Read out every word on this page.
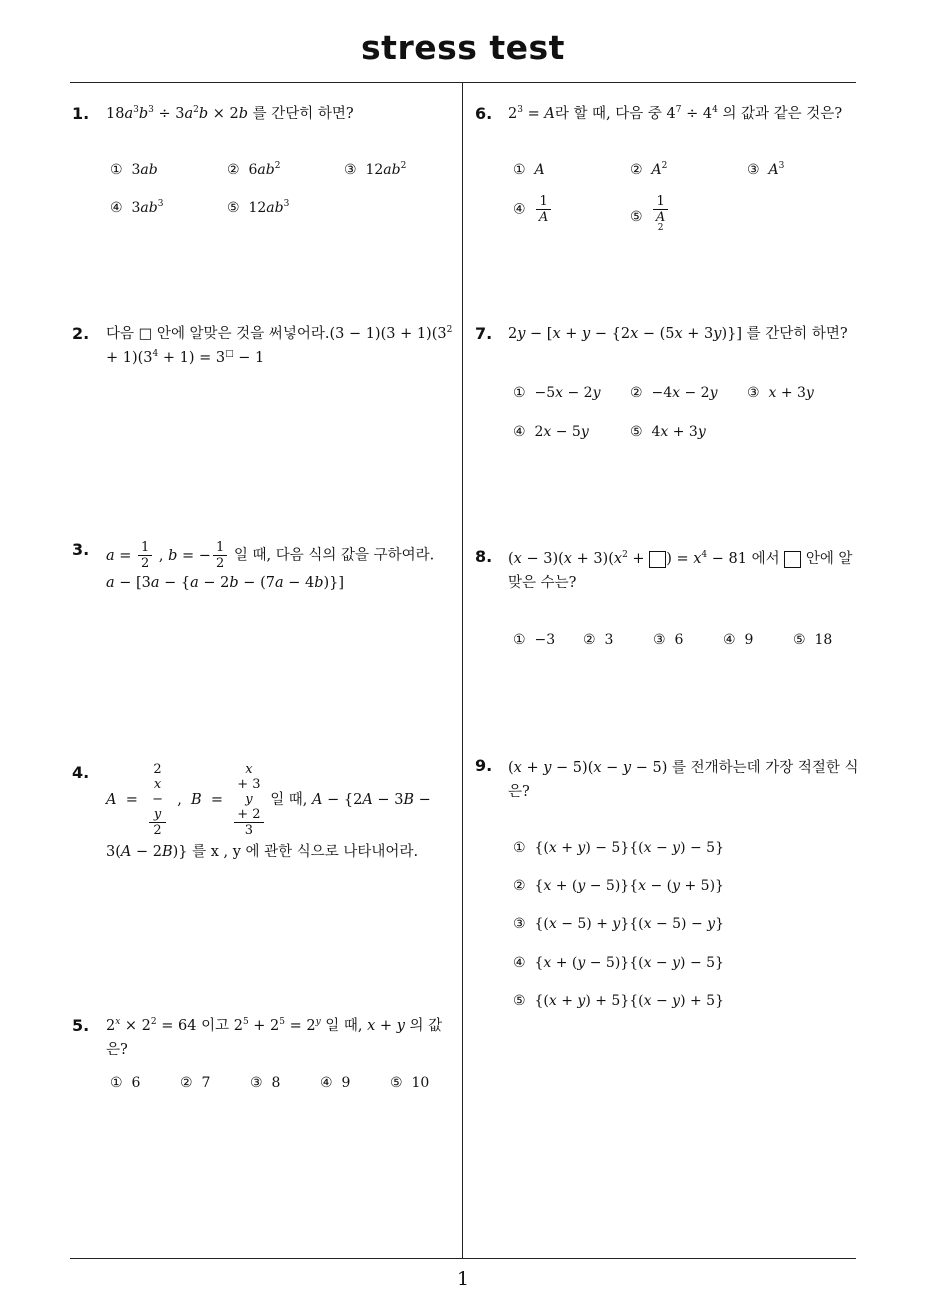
stress test
1
1. $18a^3b^3 \div 3a^2b \times 2b$ 를 간단히 하면?
①  3ab	②  $6ab^2$	③  $12ab^2$
④  $3ab^3$	⑤  $12ab^3$
2. 다음 □ 안에 알맞은 것을 써넣어라$.(3 - 1)(3 + 1)(3^2 + 1)(3^4 + 1) = 3^□ - 1$
3. $a = \frac{1}{2}$ , b = − $\frac{1}{2}$ 일 때, 다음 식의 값을 구하여라.
a − [3a − {a − 2b − (7a − 4b)}]
4.
A  = 2
x
−
y
2 ,  B  = x
+ 3
y
+ 2
3 일 때, A − {2A − 3B − 3(A − 2B)} 를 x , y 에 관한 식으로 나타내어라.
5. $2^x \times 2^2 = 64$ 이고 $2^5 + 2^5 = 2^y$ 일 때, x + y 의 값은?
① 6	② 7	③ 8	④ 9	⑤ 10
6. $2^3 = A$라 할 때, 다음 중 $4^7 \div 4^4$ 의 값과 같은 것은?
① A	② $A^2$	③ $A^3$
④ $\frac{1}{A}$	⑤ 1
A
$^2$
7. 2y − [x + y − {2x − (5x + 3y)}] 를 간단히 하면?
①  −5x − 2y ②  −4x − 2y ③ x + 3y
④  2x − 5y	⑤  4x + 3y
8. $(x - 3)(x + 3)(x^2$ + ) = $x^4 - 81$ 에서 안에 알맞은 수는?
① −3 ② 3	③ 6	④ 9	⑤ 18
9. (x + y − 5)(x − y − 5) 를 전개하는데 가장 적절한 식은?
①  {(x + y) − 5}{(x − y) − 5}
②  {x + (y − 5)}{x − (y + 5)}
③  {(x − 5) + y}{(x − 5) − y}
④  {x + (y − 5)}{(x − y) − 5}
⑤  {(x + y) + 5}{(x − y) + 5}
